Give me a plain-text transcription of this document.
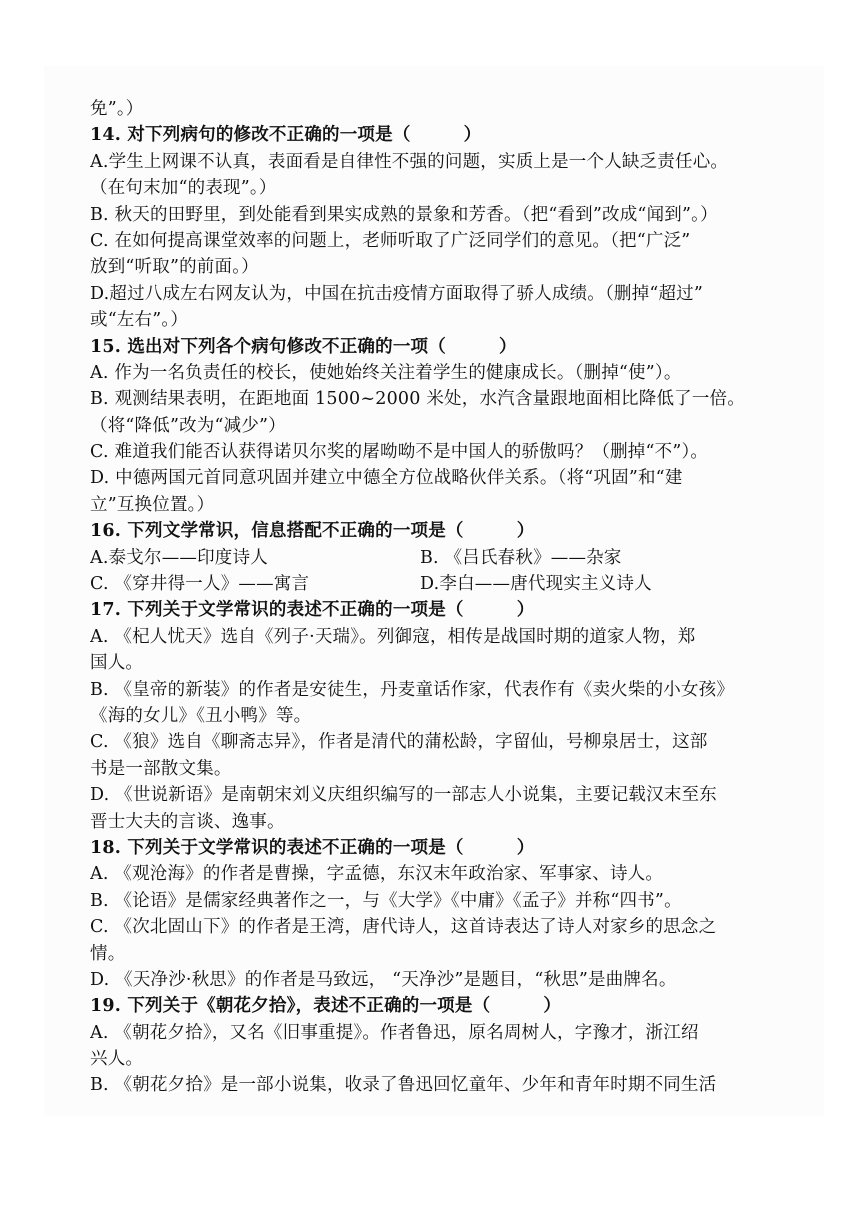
免”。）
14. 对下列病句的修改不正确的一项是（　　　）
A.学生上网课不认真，表面看是自律性不强的问题，实质上是一个人缺乏责任心。
（在句末加“的表现”。）
B. 秋天的田野里，到处能看到果实成熟的景象和芳香。（把“看到”改成“闻到”。）
C. 在如何提高课堂效率的问题上，老师听取了广泛同学们的意见。（把“广泛”
放到“听取”的前面。）
D.超过八成左右网友认为，中国在抗击疫情方面取得了骄人成绩。（删掉“超过”
或“左右”。）
15. 选出对下列各个病句修改不正确的一项（　　　）
A. 作为一名负责任的校长，使她始终关注着学生的健康成长。（删掉“使”）。
B. 观测结果表明，在距地面 1500~2000 米处，水汽含量跟地面相比降低了一倍。
（将“降低”改为“减少”）
C. 难道我们能否认获得诺贝尔奖的屠呦呦不是中国人的骄傲吗？（删掉“不”）。
D. 中德两国元首同意巩固并建立中德全方位战略伙伴关系。（将“巩固”和“建
立”互换位置。）
16. 下列文学常识，信息搭配不正确的一项是（　　　）
A.泰戈尔——印度诗人	B. 《吕氏春秋》——杂家
C. 《穿井得一人》——寓言	D.李白——唐代现实主义诗人
17. 下列关于文学常识的表述不正确的一项是（　　　）
A. 《杞人忧天》选自《列子·天瑞》。列御寇，相传是战国时期的道家人物，郑
国人。
B. 《皇帝的新装》的作者是安徒生，丹麦童话作家，代表作有《卖火柴的小女孩》
《海的女儿》《丑小鸭》等。
C. 《狼》选自《聊斋志异》，作者是清代的蒲松龄，字留仙，号柳泉居士，这部
书是一部散文集。
D. 《世说新语》是南朝宋刘义庆组织编写的一部志人小说集，主要记载汉末至东
晋士大夫的言谈、逸事。
18. 下列关于文学常识的表述不正确的一项是（　　　）
A. 《观沧海》的作者是曹操，字孟德，东汉末年政治家、军事家、诗人。
B. 《论语》是儒家经典著作之一，与《大学》《中庸》《孟子》并称“四书”。
C. 《次北固山下》的作者是王湾，唐代诗人，这首诗表达了诗人对家乡的思念之
情。
D. 《天净沙·秋思》的作者是马致远， “天净沙”是题目，“秋思”是曲牌名。
19. 下列关于《朝花夕拾》，表述不正确的一项是（　　　）
A. 《朝花夕拾》，又名《旧事重提》。作者鲁迅，原名周树人，字豫才，浙江绍
兴人。
B. 《朝花夕拾》是一部小说集，收录了鲁迅回忆童年、少年和青年时期不同生活
